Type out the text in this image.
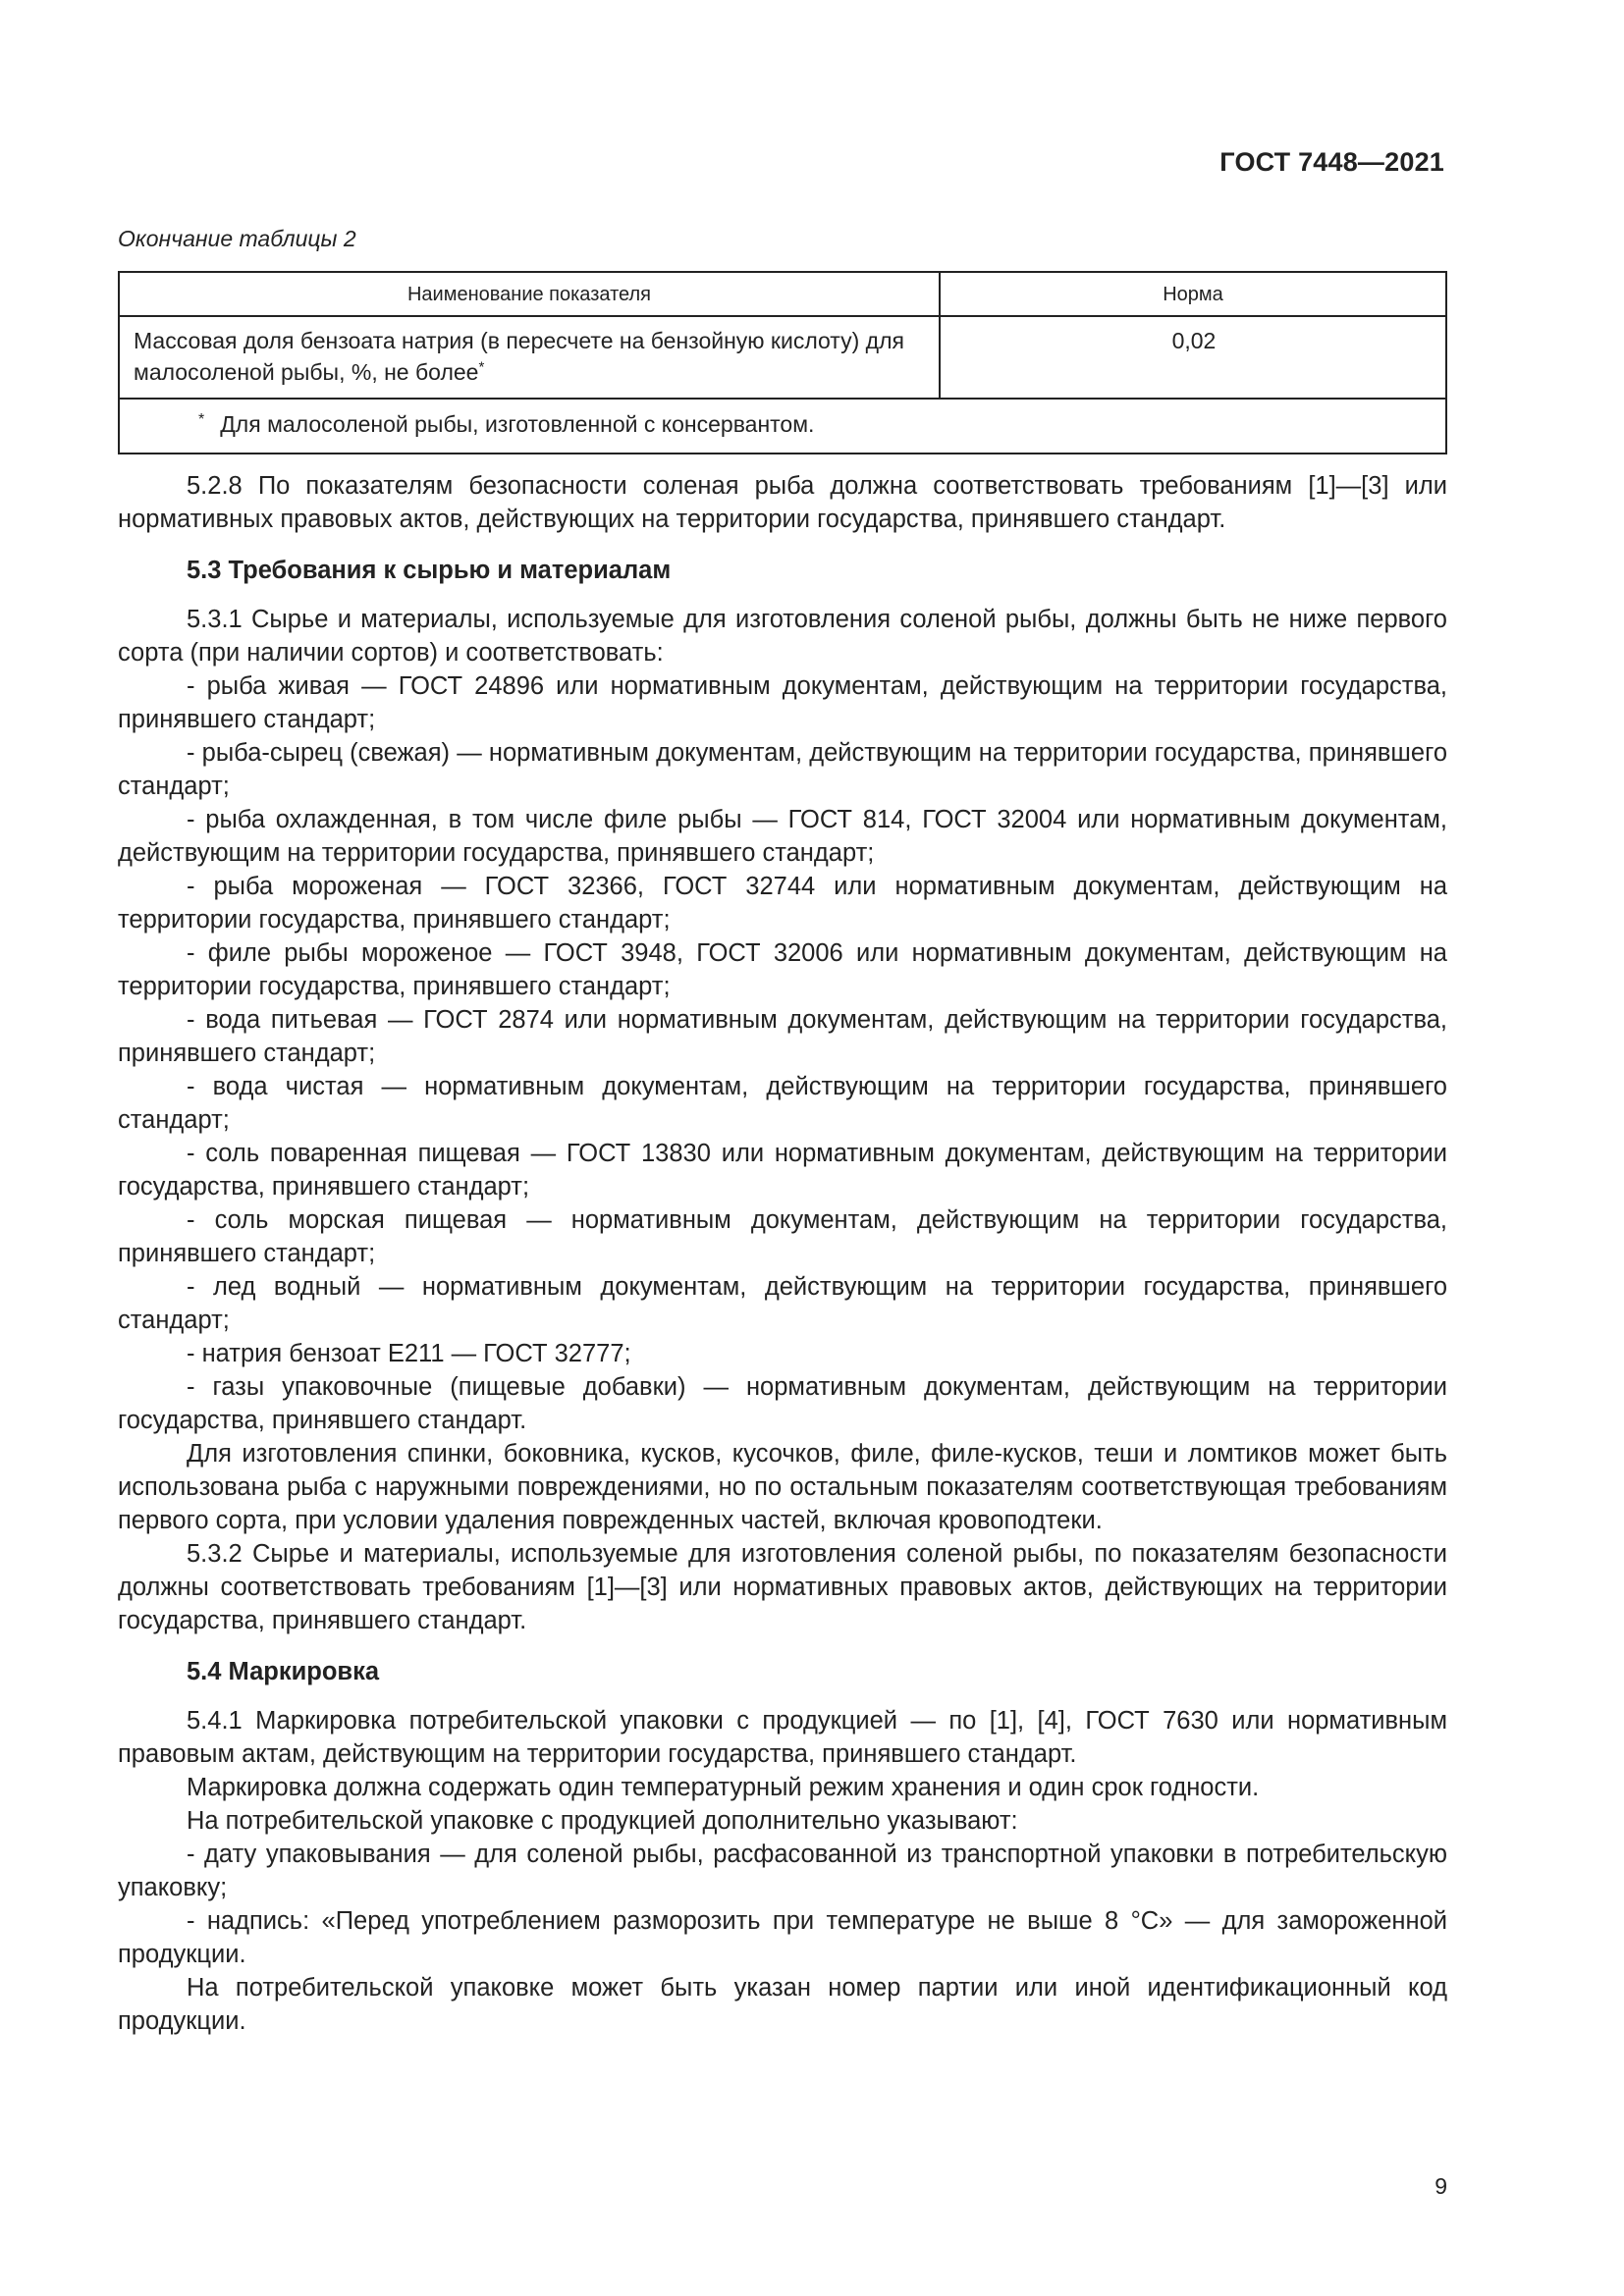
ГОСТ 7448—2021
Окончание таблицы 2
Наименование показателя	Норма
Массовая доля бензоата натрия (в пересчете на бензойную кислоту) для малосоленой рыбы, %, не более*	0,02
* Для малосоленой рыбы, изготовленной с консервантом.	

5.2.8 По показателям безопасности соленая рыба должна соответствовать требованиям [1]—[3] или нормативных правовых актов, действующих на территории государства, принявшего стандарт.

5.3 Требования к сырью и материалам

5.3.1 Сырье и материалы, используемые для изготовления соленой рыбы, должны быть не ниже первого сорта (при наличии сортов) и соответствовать:

- рыба живая — ГОСТ 24896 или нормативным документам, действующим на территории государства, принявшего стандарт;

- рыба-сырец (свежая) — нормативным документам, действующим на территории государства, принявшего стандарт;

- рыба охлажденная, в том числе филе рыбы — ГОСТ 814, ГОСТ 32004 или нормативным документам, действующим на территории государства, принявшего стандарт;

- рыба мороженая — ГОСТ 32366, ГОСТ 32744 или нормативным документам, действующим на территории государства, принявшего стандарт;

- филе рыбы мороженое — ГОСТ 3948, ГОСТ 32006 или нормативным документам, действующим на территории государства, принявшего стандарт;

- вода питьевая — ГОСТ 2874 или нормативным документам, действующим на территории государства, принявшего стандарт;

- вода чистая — нормативным документам, действующим на территории государства, принявшего стандарт;

- соль поваренная пищевая — ГОСТ 13830 или нормативным документам, действующим на территории государства, принявшего стандарт;

- соль морская пищевая — нормативным документам, действующим на территории государства, принявшего стандарт;

- лед водный — нормативным документам, действующим на территории государства, принявшего стандарт;

- натрия бензоат Е211 — ГОСТ 32777;

- газы упаковочные (пищевые добавки) — нормативным документам, действующим на территории государства, принявшего стандарт.

Для изготовления спинки, боковника, кусков, кусочков, филе, филе-кусков, теши и ломтиков может быть использована рыба с наружными повреждениями, но по остальным показателям соответствующая требованиям первого сорта, при условии удаления поврежденных частей, включая кровоподтеки.

5.3.2 Сырье и материалы, используемые для изготовления соленой рыбы, по показателям безопасности должны соответствовать требованиям [1]—[3] или нормативных правовых актов, действующих на территории государства, принявшего стандарт.

5.4 Маркировка

5.4.1 Маркировка потребительской упаковки с продукцией — по [1], [4], ГОСТ 7630 или нормативным правовым актам, действующим на территории государства, принявшего стандарт.

Маркировка должна содержать один температурный режим хранения и один срок годности.

На потребительской упаковке с продукцией дополнительно указывают:

- дату упаковывания — для соленой рыбы, расфасованной из транспортной упаковки в потребительскую упаковку;

- надпись: «Перед употреблением разморозить при температуре не выше 8 °С» — для замороженной продукции.

На потребительской упаковке может быть указан номер партии или иной идентификационный код продукции.

9
